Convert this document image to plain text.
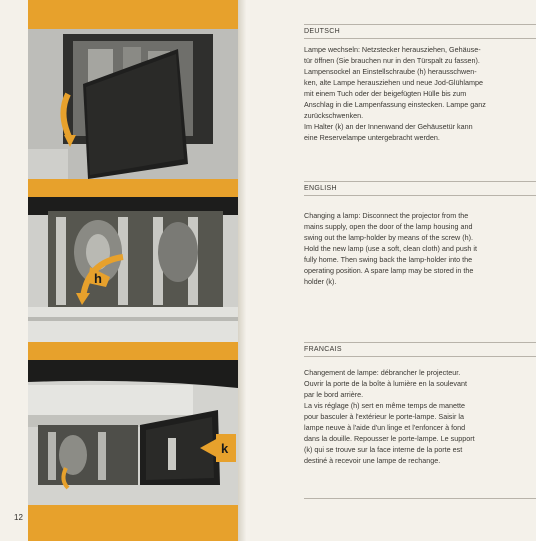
h
k
DEUTSCH

Lampe wechseln: Netzstecker herausziehen, Gehäuse-

tür öffnen (Sie brauchen nur in den Türspalt zu fassen).

Lampensockel an Einstellschraube (h) herausschwen-

ken, alte Lampe herausziehen und neue Jod-Glühlampe

mit einem Tuch oder der beigefügten Hülle bis zum

Anschlag in die Lampenfassung einstecken. Lampe ganz

zurückschwenken.

Im Halter (k) an der Innenwand der Gehäusetür kann

eine Reservelampe untergebracht werden.

ENGLISH

Changing a lamp: Disconnect the projector from the

mains supply, open the door of the lamp housing and

swing out the lamp-holder by means of the screw (h).

Hold the new lamp (use a soft, clean cloth) and push it

fully home. Then swing back the lamp-holder into the

operating position. A spare lamp may be stored in the

holder (k).

FRANCAIS

Changement de lampe: débrancher le projecteur.

Ouvrir la porte de la boîte à lumière en la soulevant

par le bord arrière.

La vis réglage (h) sert en même temps de manette

pour basculer à l'extérieur le porte-lampe. Saisir la

lampe neuve à l'aide d'un linge et l'enfoncer à fond

dans la douille. Repousser le porte-lampe. Le support

(k) qui se trouve sur la face interne de la porte est

destiné à recevoir une lampe de rechange.

12
